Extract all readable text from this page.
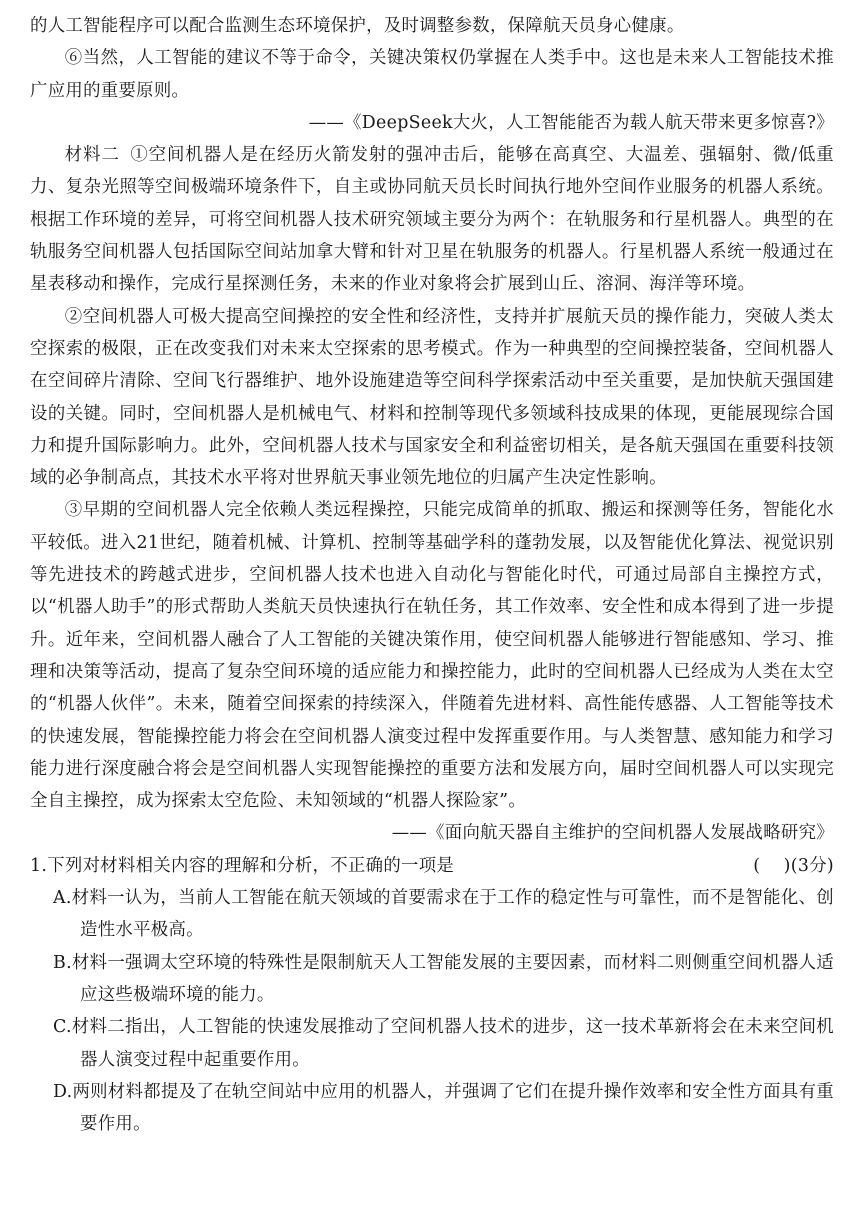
的人工智能程序可以配合监测生态环境保护，及时调整参数，保障航天员身心健康。

⑥当然，人工智能的建议不等于命令，关键决策权仍掌握在人类手中。这也是未来人工智能技术推广应用的重要原则。

——《DeepSeek大火，人工智能能否为载人航天带来更多惊喜?》

材料二 ①空间机器人是在经历火箭发射的强冲击后，能够在高真空、大温差、强辐射、微/低重力、复杂光照等空间极端环境条件下，自主或协同航天员长时间执行地外空间作业服务的机器人系统。根据工作环境的差异，可将空间机器人技术研究领域主要分为两个：在轨服务和行星机器人。典型的在轨服务空间机器人包括国际空间站加拿大臂和针对卫星在轨服务的机器人。行星机器人系统一般通过在星表移动和操作，完成行星探测任务，未来的作业对象将会扩展到山丘、溶洞、海洋等环境。

②空间机器人可极大提高空间操控的安全性和经济性，支持并扩展航天员的操作能力，突破人类太空探索的极限，正在改变我们对未来太空探索的思考模式。作为一种典型的空间操控装备，空间机器人在空间碎片清除、空间飞行器维护、地外设施建造等空间科学探索活动中至关重要，是加快航天强国建设的关键。同时，空间机器人是机械电气、材料和控制等现代多领域科技成果的体现，更能展现综合国力和提升国际影响力。此外，空间机器人技术与国家安全和利益密切相关，是各航天强国在重要科技领域的必争制高点，其技术水平将对世界航天事业领先地位的归属产生决定性影响。

③早期的空间机器人完全依赖人类远程操控，只能完成简单的抓取、搬运和探测等任务，智能化水平较低。进入21世纪，随着机械、计算机、控制等基础学科的蓬勃发展，以及智能优化算法、视觉识别等先进技术的跨越式进步，空间机器人技术也进入自动化与智能化时代，可通过局部自主操控方式，以“机器人助手”的形式帮助人类航天员快速执行在轨任务，其工作效率、安全性和成本得到了进一步提升。近年来，空间机器人融合了人工智能的关键决策作用，使空间机器人能够进行智能感知、学习、推理和决策等活动，提高了复杂空间环境的适应能力和操控能力，此时的空间机器人已经成为人类在太空的“机器人伙伴”。未来，随着空间探索的持续深入，伴随着先进材料、高性能传感器、人工智能等技术的快速发展，智能操控能力将会在空间机器人演变过程中发挥重要作用。与人类智慧、感知能力和学习能力进行深度融合将会是空间机器人实现智能操控的重要方法和发展方向，届时空间机器人可以实现完全自主操控，成为探索太空危险、未知领域的“机器人探险家”。

——《面向航天器自主维护的空间机器人发展战略研究》

1.下列对材料相关内容的理解和分析，不正确的一项是	(    )(3分)

A.材料一认为，当前人工智能在航天领域的首要需求在于工作的稳定性与可靠性，而不是智能化、创造性水平极高。

B.材料一强调太空环境的特殊性是限制航天人工智能发展的主要因素，而材料二则侧重空间机器人适应这些极端环境的能力。

C.材料二指出，人工智能的快速发展推动了空间机器人技术的进步，这一技术革新将会在未来空间机器人演变过程中起重要作用。

D.两则材料都提及了在轨空间站中应用的机器人，并强调了它们在提升操作效率和安全性方面具有重要作用。
